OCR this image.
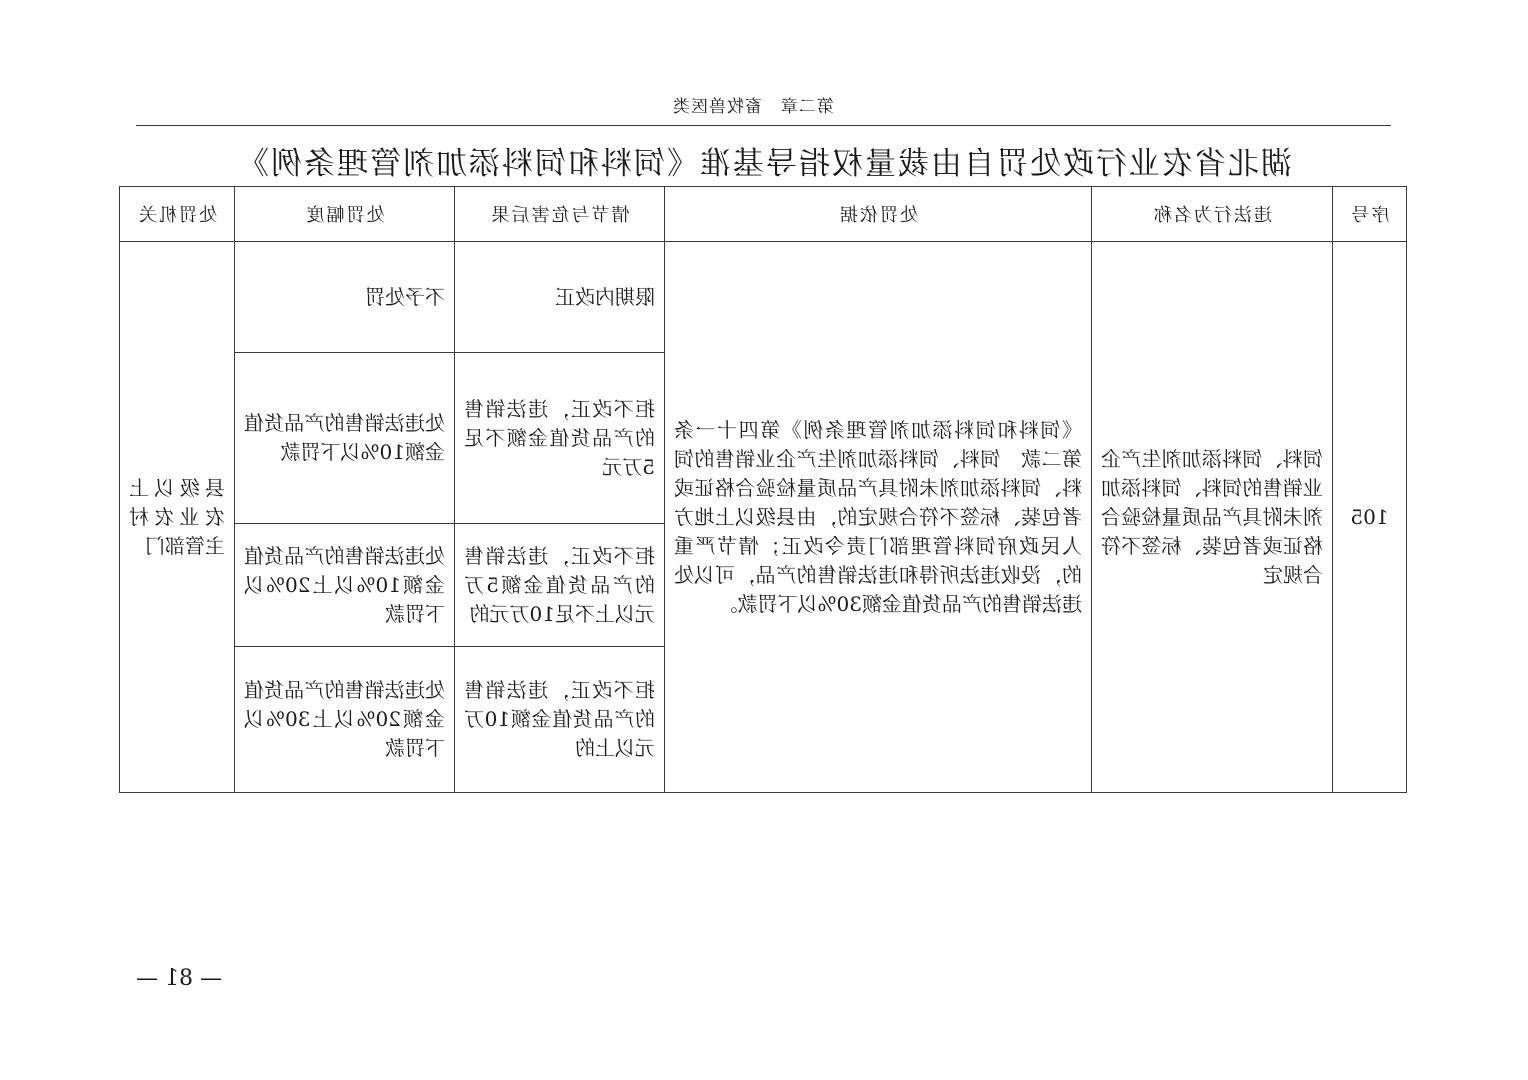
第二章　畜牧兽医类
湖北省农业行政处罚自由裁量权指导基准《饲料和饲料添加剂管理条例》
序号	违法行为名称	处罚依据	情节与危害后果	处罚幅度	处罚机关
105	饲料、饲料添加剂生产企业销售的饲料、饲料添加剂未附具产品质量检验合格证或者包装、标签不符合规定	《饲料和饲料添加剂管理条例》第四十一条　第二款　饲料、饲料添加剂生产企业销售的饲料、饲料添加剂未附具产品质量检验合格证或者包装、标签不符合规定的，由县级以上地方人民政府饲料管理部门责令改正；情节严重的，没收违法所得和违法销售的产品，可以处违法销售的产品货值金额30%以下罚款。	限期内改正	不予处罚	县级以上农业农村主管部门

			拒不改正，违法销售的产品货值金额不足5万元	处违法销售的产品货值金额10%以下罚款	

			拒不改正，违法销售的产品货值金额5万元以上不足10万元的	处违法销售的产品货值金额10%以上20%以下罚款	

			拒不改正，违法销售的产品货值金额10万元以上的	处违法销售的产品货值金额20%以上30%以下罚款	
— 81 —
